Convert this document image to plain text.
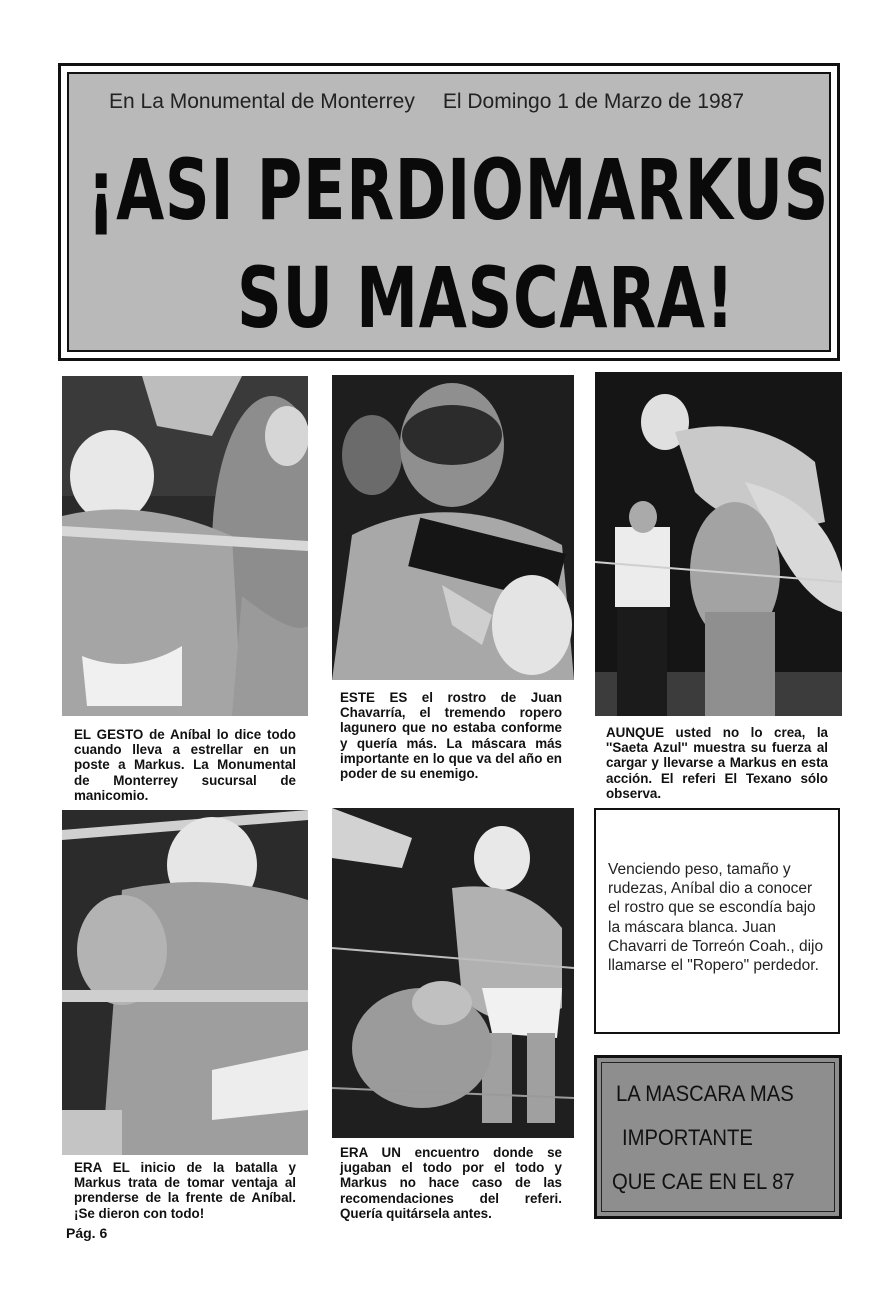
En La Monumental de Monterrey El Domingo 1 de Marzo de 1987
¡ASI PERDIOMARKUS
SU MASCARA!
EL GESTO de Aníbal lo dice todo cuando lleva a estrellar en un poste a Markus. La Monumental de Monterrey sucursal de manicomio.
ESTE ES el rostro de Juan Chavarría, el tremendo ropero lagunero que no estaba conforme y quería más. La máscara más importante en lo que va del año en poder de su enemigo.
AUNQUE usted no lo crea, la ''Saeta Azul'' muestra su fuerza al cargar y llevarse a Markus en esta acción. El referi El Texano sólo observa.
ERA EL inicio de la batalla y Markus trata de tomar ventaja al prenderse de la frente de Aníbal. ¡Se dieron con todo!
ERA UN encuentro donde se jugaban el todo por el todo y Markus no hace caso de las recomendaciones del referi. Quería quitársela antes.
Venciendo peso, tamaño y rudezas, Aníbal dio a conocer el rostro que se escondía bajo la máscara blanca. Juan Chavarri de Torreón Coah., dijo llamarse el "Ropero" perdedor.
LA MASCARA MAS
IMPORTANTE
QUE CAE EN EL 87
Pág. 6
